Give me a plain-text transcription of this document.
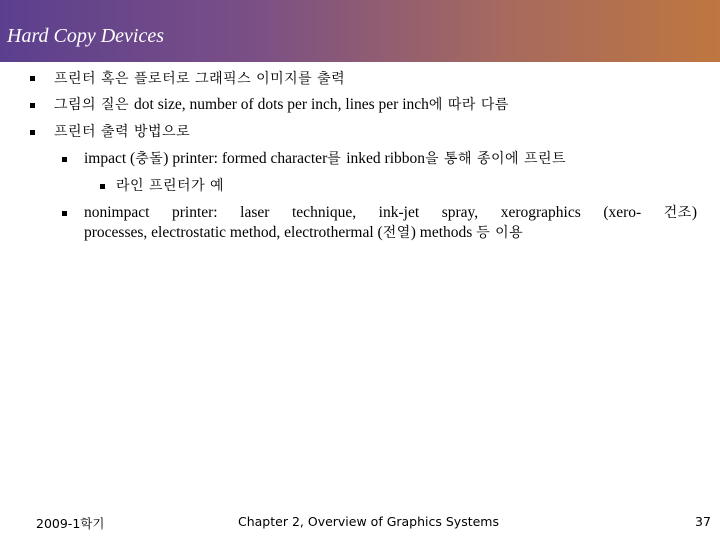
Hard Copy Devices
프린터 혹은 플로터로 그래픽스 이미지를 출력
그림의 질은 dot size, number of dots per inch, lines per inch에 따라 다름
프린터 출력 방법으로
impact (충돌) printer: formed character를 inked ribbon을 통해 종이에 프린트
라인 프린터가 예
nonimpact printer: laser technique, ink-jet spray, xerographics (xero- 건조)
processes, electrostatic method, electrothermal (전열) methods 등 이용
2009-1학기	Chapter 2, Overview of Graphics Systems	37
